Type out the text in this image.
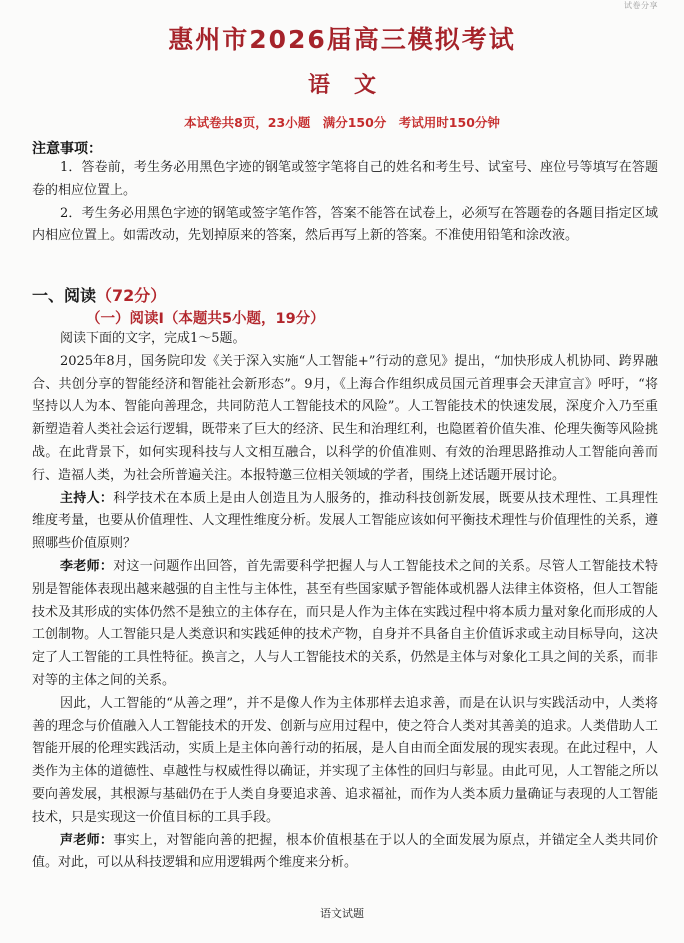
试卷分享
惠州市2026届高三模拟考试
语文
本试卷共8页，23小题　满分150分　考试用时150分钟
注意事项：

1．答卷前，考生务必用黑色字迹的钢笔或签字笔将自己的姓名和考生号、试室号、座位号等填写在答题卷的相应位置上。

2．考生务必用黑色字迹的钢笔或签字笔作答，答案不能答在试卷上，必须写在答题卷的各题目指定区域内相应位置上。如需改动，先划掉原来的答案，然后再写上新的答案。不准使用铅笔和涂改液。

一、阅读（72分）
（一）阅读Ⅰ（本题共5小题，19分）

阅读下面的文字，完成1～5题。

2025年8月，国务院印发《关于深入实施“人工智能+”行动的意见》提出，“加快形成人机协同、跨界融合、共创分享的智能经济和智能社会新形态”。9月，《上海合作组织成员国元首理事会天津宣言》呼吁，“将坚持以人为本、智能向善理念，共同防范人工智能技术的风险”。人工智能技术的快速发展，深度介入乃至重新塑造着人类社会运行逻辑，既带来了巨大的经济、民生和治理红利，也隐匿着价值失准、伦理失衡等风险挑战。在此背景下，如何实现科技与人文相互融合，以科学的价值准则、有效的治理思路推动人工智能向善而行、造福人类，为社会所普遍关注。本报特邀三位相关领域的学者，围绕上述话题开展讨论。

主持人：科学技术在本质上是由人创造且为人服务的，推动科技创新发展，既要从技术理性、工具理性维度考量，也要从价值理性、人文理性维度分析。发展人工智能应该如何平衡技术理性与价值理性的关系，遵照哪些价值原则？

李老师：对这一问题作出回答，首先需要科学把握人与人工智能技术之间的关系。尽管人工智能技术特别是智能体表现出越来越强的自主性与主体性，甚至有些国家赋予智能体或机器人法律主体资格，但人工智能技术及其形成的实体仍然不是独立的主体存在，而只是人作为主体在实践过程中将本质力量对象化而形成的人工创制物。人工智能只是人类意识和实践延伸的技术产物，自身并不具备自主价值诉求或主动目标导向，这决定了人工智能的工具性特征。换言之，人与人工智能技术的关系，仍然是主体与对象化工具之间的关系，而非对等的主体之间的关系。

因此，人工智能的“从善之理”，并不是像人作为主体那样去追求善，而是在认识与实践活动中，人类将善的理念与价值融入人工智能技术的开发、创新与应用过程中，使之符合人类对其善美的追求。人类借助人工智能开展的伦理实践活动，实质上是主体向善行动的拓展，是人自由而全面发展的现实表现。在此过程中，人类作为主体的道德性、卓越性与权威性得以确证，并实现了主体性的回归与彰显。由此可见，人工智能之所以要向善发展，其根源与基础仍在于人类自身要追求善、追求福祉，而作为人类本质力量确证与表现的人工智能技术，只是实现这一价值目标的工具手段。

声老师：事实上，对智能向善的把握，根本价值根基在于以人的全面发展为原点，并锚定全人类共同价值。对此，可以从科技逻辑和应用逻辑两个维度来分析。

语文试题
